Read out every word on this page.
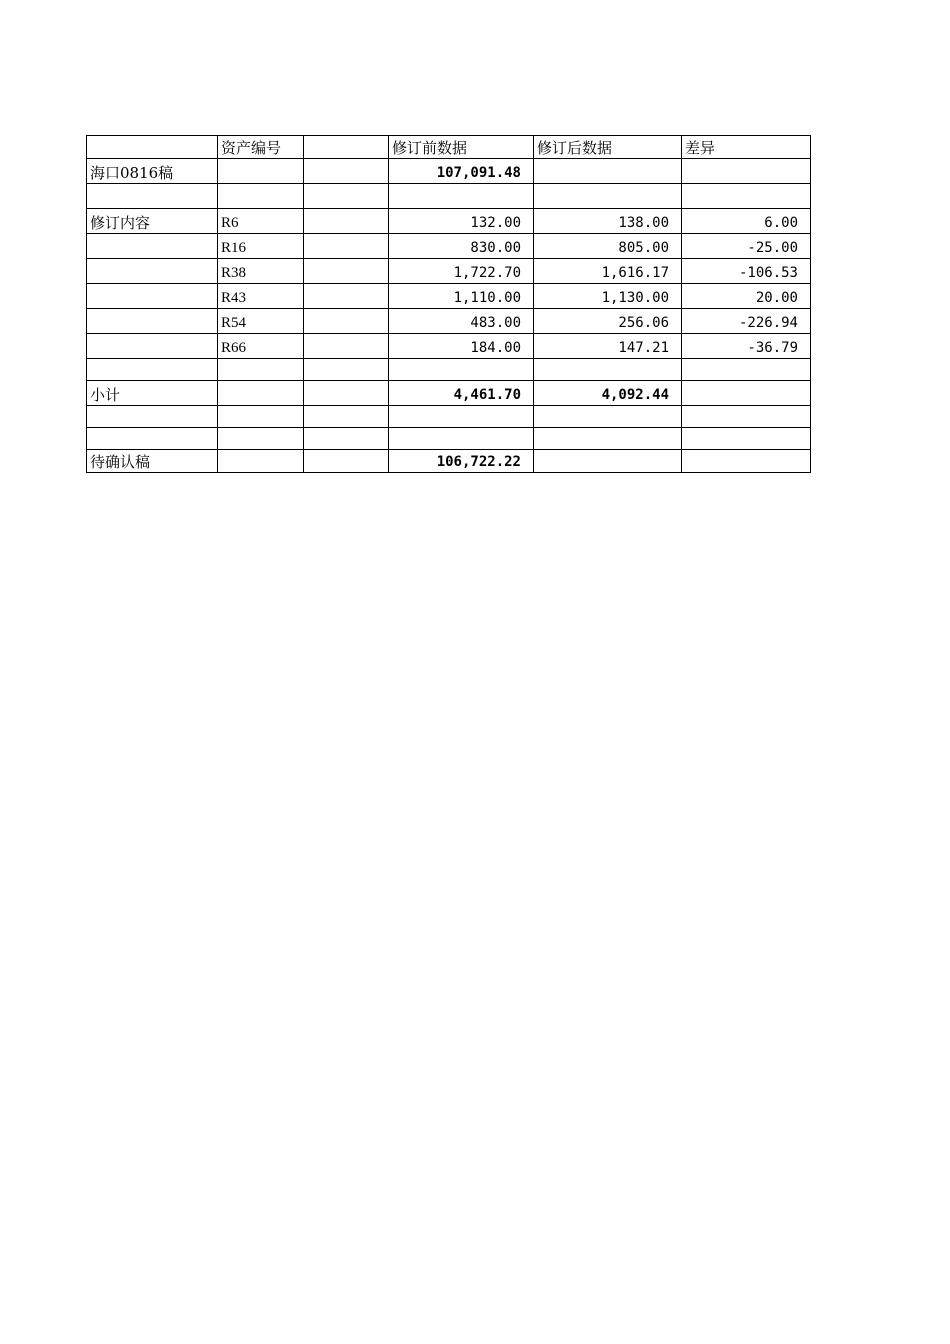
	资产编号		修订前数据	修订后数据	差异
海口0816稿			107,091.48		

修订内容	R6		132.00	138.00	6.00
	R16		830.00	805.00	-25.00
	R38		1,722.70	1,616.17	-106.53
	R43		1,110.00	1,130.00	20.00
	R54		483.00	256.06	-226.94
	R66		184.00	147.21	-36.79

小计			4,461.70	4,092.44	

待确认稿			106,722.22		
